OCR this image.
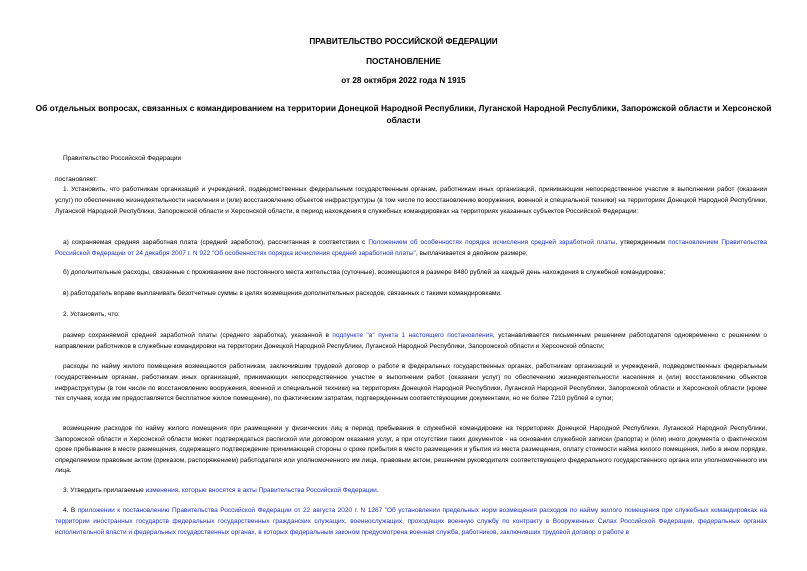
ПРАВИТЕЛЬСТВО РОССИЙСКОЙ ФЕДЕРАЦИИ
ПОСТАНОВЛЕНИЕ
от 28 октября 2022 года N 1915
Об отдельных вопросах, связанных с командированием на территории Донецкой Народной Республики, Луганской Народной Республики, Запорожской области и Херсонской области
Правительство Российской Федерации
постановляет:
1. Установить, что работникам организаций и учреждений, подведомственных федеральным государственным органам, работникам иных организаций, принимающим непосредственное участие в выполнении работ (оказании услуг) по обеспечению жизнедеятельности населения и (или) восстановлению объектов инфраструктуры (в том числе по восстановлению вооружения, военной и специальной техники) на территориях Донецкой Народной Республики, Луганской Народной Республики, Запорожской области и Херсонской области, в период нахождения в служебных командировках на территориях указанных субъектов Российской Федерации:
а) сохраняемая средняя заработная плата (средний заработок), рассчитанная в соответствии с Положением об особенностях порядка исчисления средней заработной платы, утвержденным постановлением Правительства Российской Федерации от 24 декабря 2007 г. N 922 "Об особенностях порядка исчисления средней заработной платы", выплачивается в двойном размере;
б) дополнительные расходы, связанные с проживанием вне постоянного места жительства (суточные), возмещаются в размере 8480 рублей за каждый день нахождения в служебной командировке;
в) работодатель вправе выплачивать безотчетные суммы в целях возмещения дополнительных расходов, связанных с такими командировками.
2. Установить, что:
размер сохраняемой средней заработной платы (среднего заработка), указанной в подпункте "а" пункта 1 настоящего постановления, устанавливается письменным решением работодателя одновременно с решением о направлении работников в служебные командировки на территории Донецкой Народной Республики, Луганской Народной Республики, Запорожской области и Херсонской области;
расходы по найму жилого помещения возмещаются работникам, заключившим трудовой договор о работе в федеральных государственных органах, работникам организаций и учреждений, подведомственных федеральным государственным органам, работникам иных организаций, принимающих непосредственное участие в выполнении работ (оказании услуг) по обеспечению жизнедеятельности населения и (или) восстановлению объектов инфраструктуры (в том числе по восстановлению вооружения, военной и специальной техники) на территориях Донецкой Народной Республики, Луганской Народной Республики, Запорожской области и Херсонской области (кроме тех случаев, когда им предоставляется бесплатное жилое помещение), по фактическим затратам, подтвержденным соответствующими документами, но не более 7210 рублей в сутки;
возмещение расходов по найму жилого помещения при размещении у физических лиц в период пребывания в служебной командировке на территориях Донецкой Народной Республики, Луганской Народной Республики, Запорожской области и Херсонской области может подтверждаться распиской или договором оказания услуг, а при отсутствии таких документов - на основании служебной записки (рапорта) и (или) иного документа о фактическом сроке пребывания в месте размещения, содержащего подтверждение принимающей стороны о сроке прибытия в место размещения и убытия из места размещения, оплату стоимости найма жилого помещения, либо в ином порядке, определяемом правовым актом (приказом, распоряжением) работодателя или уполномоченного им лица, правовым актом, решением руководителя соответствующего федерального государственного органа или уполномоченного им лица.
3. Утвердить прилагаемые изменения, которые вносятся в акты Правительства Российской Федерации.
4. В приложении к постановлению Правительства Российской Федерации от 22 августа 2020 г. N 1267 "Об установлении предельных норм возмещения расходов по найму жилого помещения при служебных командировках на территории иностранных государств федеральных государственных гражданских служащих, военнослужащих, проходящих военную службу по контракту в Вооруженных Силах Российской Федерации, федеральных органах исполнительной власти и федеральных государственных органах, в которых федеральным законом предусмотрена военная служба, работников, заключивших трудовой договор о работе в
